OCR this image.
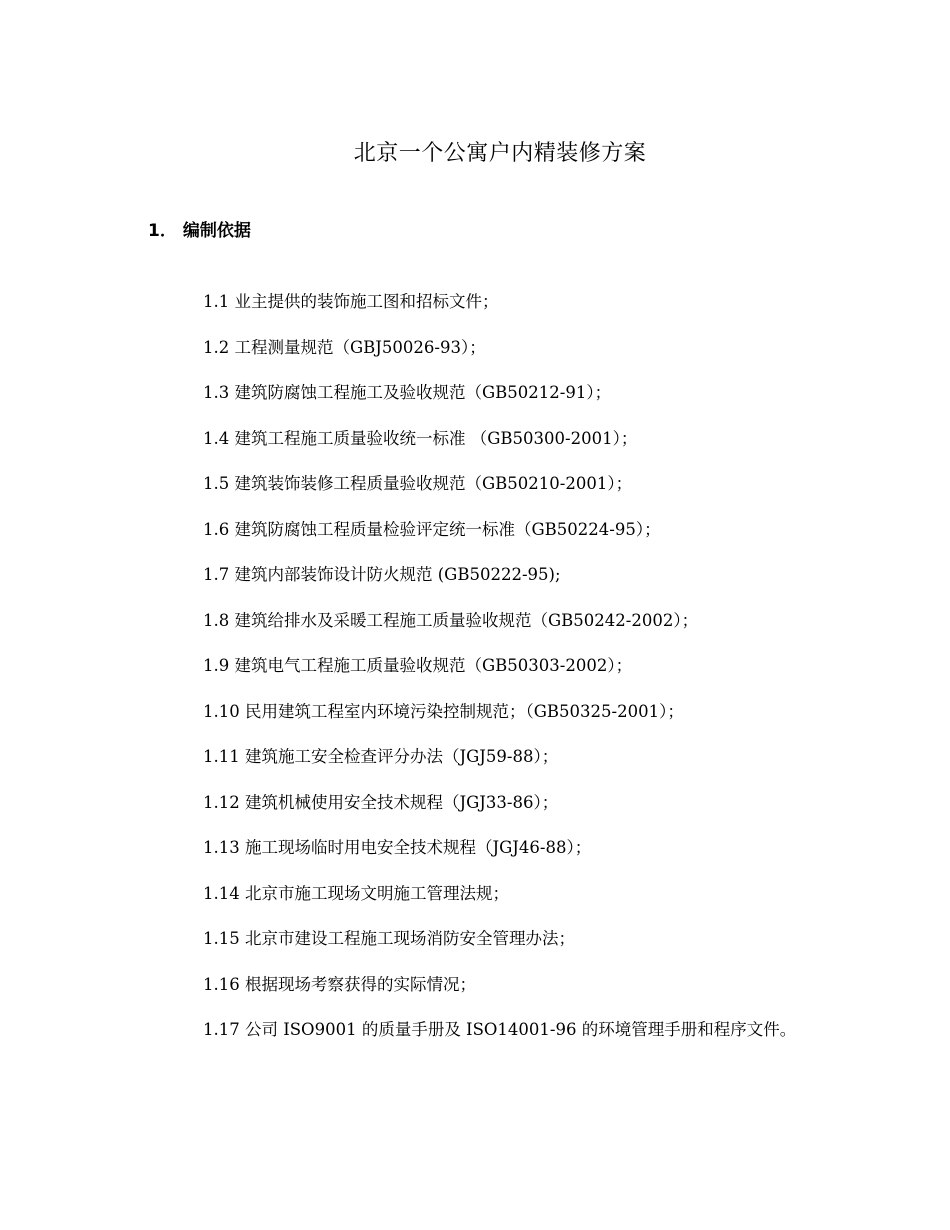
北京一个公寓户内精装修方案
1． 编制依据
1.1 业主提供的装饰施工图和招标文件；
1.2 工程测量规范（GBJ50026-93）；
1.3 建筑防腐蚀工程施工及验收规范（GB50212-91）；
1.4 建筑工程施工质量验收统一标准 （GB50300-2001）；
1.5 建筑装饰装修工程质量验收规范（GB50210-2001）；
1.6 建筑防腐蚀工程质量检验评定统一标准（GB50224-95）；
1.7 建筑内部装饰设计防火规范 (GB50222-95);
1.8 建筑给排水及采暖工程施工质量验收规范（GB50242-2002）；
1.9 建筑电气工程施工质量验收规范（GB50303-2002）；
1.10 民用建筑工程室内环境污染控制规范；（GB50325-2001）；
1.11 建筑施工安全检查评分办法（JGJ59-88）；
1.12 建筑机械使用安全技术规程（JGJ33-86）；
1.13 施工现场临时用电安全技术规程（JGJ46-88）；
1.14 北京市施工现场文明施工管理法规；
1.15 北京市建设工程施工现场消防安全管理办法；
1.16 根据现场考察获得的实际情况；
1.17 公司 ISO9001 的质量手册及 ISO14001-96 的环境管理手册和程序文件。
